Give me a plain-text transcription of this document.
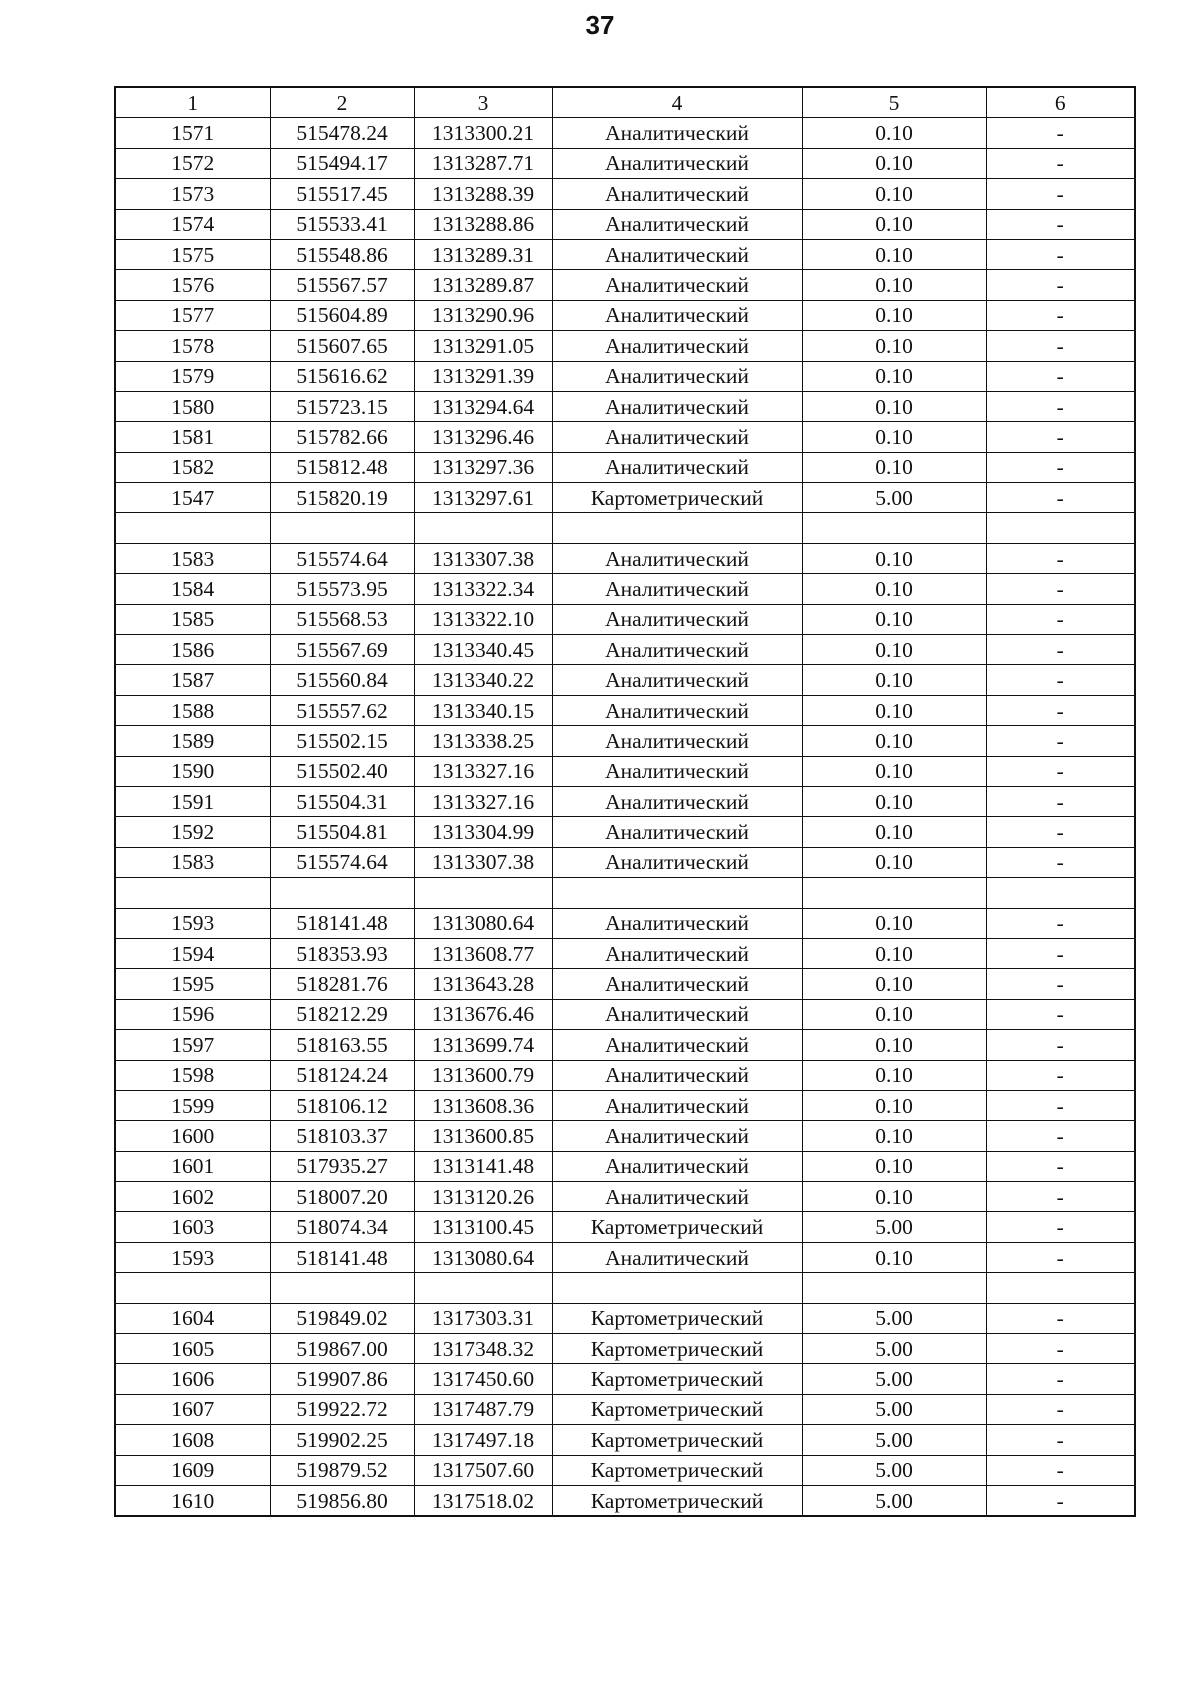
37
1	2	3	4	5	6
1571	515478.24	1313300.21	Аналитический	0.10	-
1572	515494.17	1313287.71	Аналитический	0.10	-
1573	515517.45	1313288.39	Аналитический	0.10	-
1574	515533.41	1313288.86	Аналитический	0.10	-
1575	515548.86	1313289.31	Аналитический	0.10	-
1576	515567.57	1313289.87	Аналитический	0.10	-
1577	515604.89	1313290.96	Аналитический	0.10	-
1578	515607.65	1313291.05	Аналитический	0.10	-
1579	515616.62	1313291.39	Аналитический	0.10	-
1580	515723.15	1313294.64	Аналитический	0.10	-
1581	515782.66	1313296.46	Аналитический	0.10	-
1582	515812.48	1313297.36	Аналитический	0.10	-
1547	515820.19	1313297.61	Картометрический	5.00	-

1583	515574.64	1313307.38	Аналитический	0.10	-
1584	515573.95	1313322.34	Аналитический	0.10	-
1585	515568.53	1313322.10	Аналитический	0.10	-
1586	515567.69	1313340.45	Аналитический	0.10	-
1587	515560.84	1313340.22	Аналитический	0.10	-
1588	515557.62	1313340.15	Аналитический	0.10	-
1589	515502.15	1313338.25	Аналитический	0.10	-
1590	515502.40	1313327.16	Аналитический	0.10	-
1591	515504.31	1313327.16	Аналитический	0.10	-
1592	515504.81	1313304.99	Аналитический	0.10	-
1583	515574.64	1313307.38	Аналитический	0.10	-

1593	518141.48	1313080.64	Аналитический	0.10	-
1594	518353.93	1313608.77	Аналитический	0.10	-
1595	518281.76	1313643.28	Аналитический	0.10	-
1596	518212.29	1313676.46	Аналитический	0.10	-
1597	518163.55	1313699.74	Аналитический	0.10	-
1598	518124.24	1313600.79	Аналитический	0.10	-
1599	518106.12	1313608.36	Аналитический	0.10	-
1600	518103.37	1313600.85	Аналитический	0.10	-
1601	517935.27	1313141.48	Аналитический	0.10	-
1602	518007.20	1313120.26	Аналитический	0.10	-
1603	518074.34	1313100.45	Картометрический	5.00	-
1593	518141.48	1313080.64	Аналитический	0.10	-

1604	519849.02	1317303.31	Картометрический	5.00	-
1605	519867.00	1317348.32	Картометрический	5.00	-
1606	519907.86	1317450.60	Картометрический	5.00	-
1607	519922.72	1317487.79	Картометрический	5.00	-
1608	519902.25	1317497.18	Картометрический	5.00	-
1609	519879.52	1317507.60	Картометрический	5.00	-
1610	519856.80	1317518.02	Картометрический	5.00	-
